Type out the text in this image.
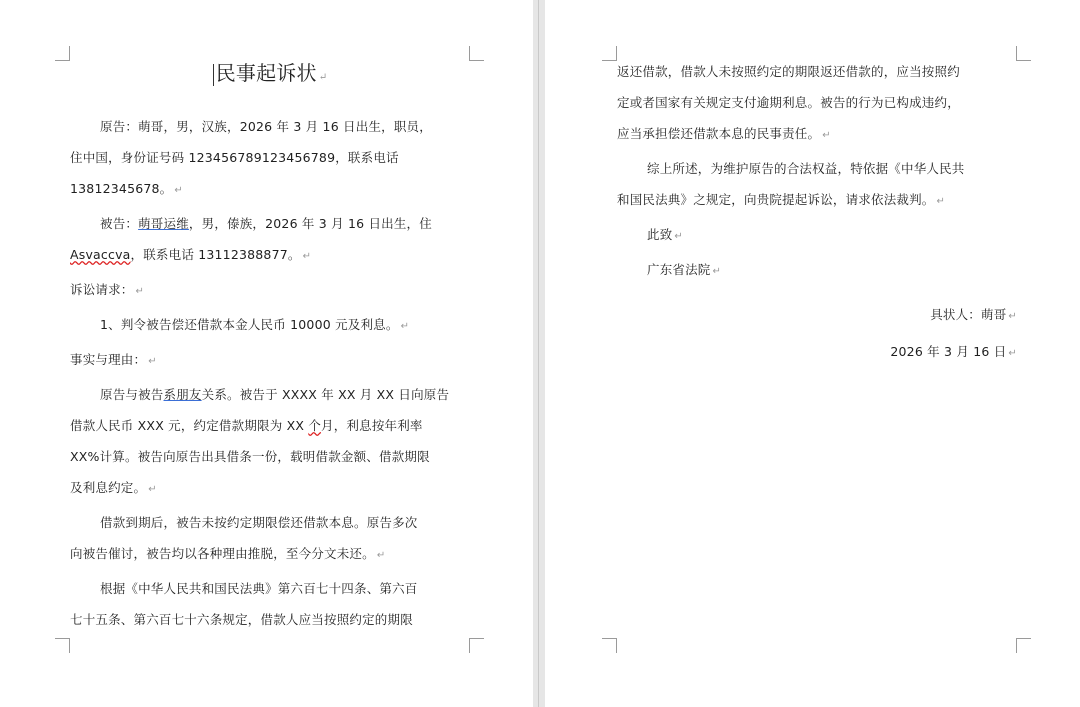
民事起诉状 ↵

原告：萌哥，男，汉族，2026 年 3 月 16 日出生，职员，
住中国，身份证号码 123456789123456789，联系电话
13812345678。 ↵

被告：萌哥运维，男，傣族，2026 年 3 月 16 日出生，住
Asvaccva，联系电话 13112388877。 ↵

诉讼请求： ↵

1、判令被告偿还借款本金人民币 10000 元及利息。 ↵

事实与理由： ↵

原告与被告系朋友关系。被告于 XXXX 年 XX 月 XX 日向原告
借款人民币 XXX 元，约定借款期限为 XX 个月，利息按年利率
XX%计算。被告向原告出具借条一份，载明借款金额、借款期限
及利息约定。 ↵

借款到期后，被告未按约定期限偿还借款本息。原告多次
向被告催讨，被告均以各种理由推脱，至今分文未还。 ↵

根据《中华人民共和国民法典》第六百七十四条、第六百
七十五条、第六百七十六条规定，借款人应当按照约定的期限

返还借款，借款人未按照约定的期限返还借款的，应当按照约
定或者国家有关规定支付逾期利息。被告的行为已构成违约，
应当承担偿还借款本息的民事责任。 ↵

综上所述，为维护原告的合法权益，特依据《中华人民共
和国民法典》之规定，向贵院提起诉讼，请求依法裁判。 ↵

此致 ↵

广东省法院 ↵

具状人：萌哥 ↵

2026 年 3 月 16 日 ↵
